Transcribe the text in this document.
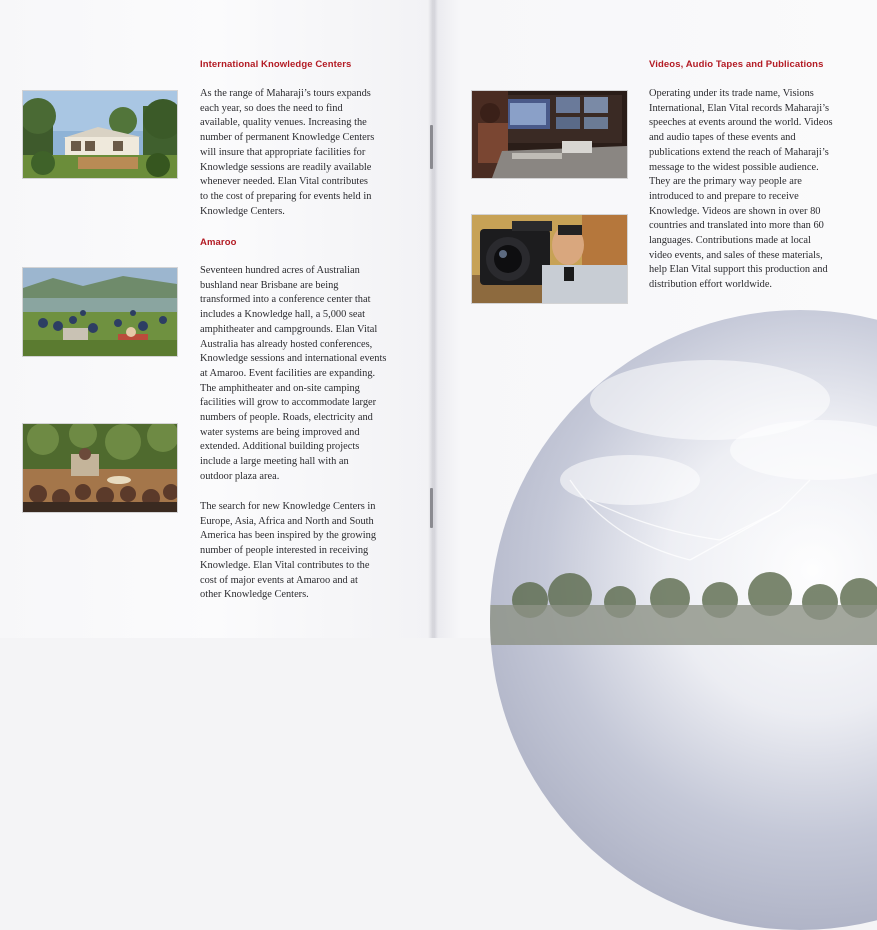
International Knowledge Centers
As the range of Maharaji’s tours expands
each year, so does the need to find
available, quality venues. Increasing the
number of permanent Knowledge Centers
will insure that appropriate facilities for
Knowledge sessions are readily available
whenever needed. Elan Vital contributes
to the cost of preparing for events held in
Knowledge Centers.
Amaroo
Seventeen hundred acres of Australian
bushland near Brisbane are being
transformed into a conference center that
includes a Knowledge hall, a 5,000 seat
amphitheater and campgrounds. Elan Vital
Australia has already hosted conferences,
Knowledge sessions and international events
at Amaroo. Event facilities are expanding.
The amphitheater and on-site camping
facilities will grow to accommodate larger
numbers of people. Roads, electricity and
water systems are being improved and
extended. Additional building projects
include a large meeting hall with an
outdoor plaza area.
The search for new Knowledge Centers in
Europe, Asia, Africa and North and South
America has been inspired by the growing
number of people interested in receiving
Knowledge. Elan Vital contributes to the
cost of major events at Amaroo and at
other Knowledge Centers.
Videos, Audio Tapes and Publications
Operating under its trade name, Visions
International, Elan Vital records Maharaji’s
speeches at events around the world. Videos
and audio tapes of these events and
publications extend the reach of Maharaji’s
message to the widest possible audience.
They are the primary way people are
introduced to and prepare to receive
Knowledge. Videos are shown in over 80
countries and translated into more than 60
languages. Contributions made at local
video events, and sales of these materials,
help Elan Vital support this production and
distribution effort worldwide.
